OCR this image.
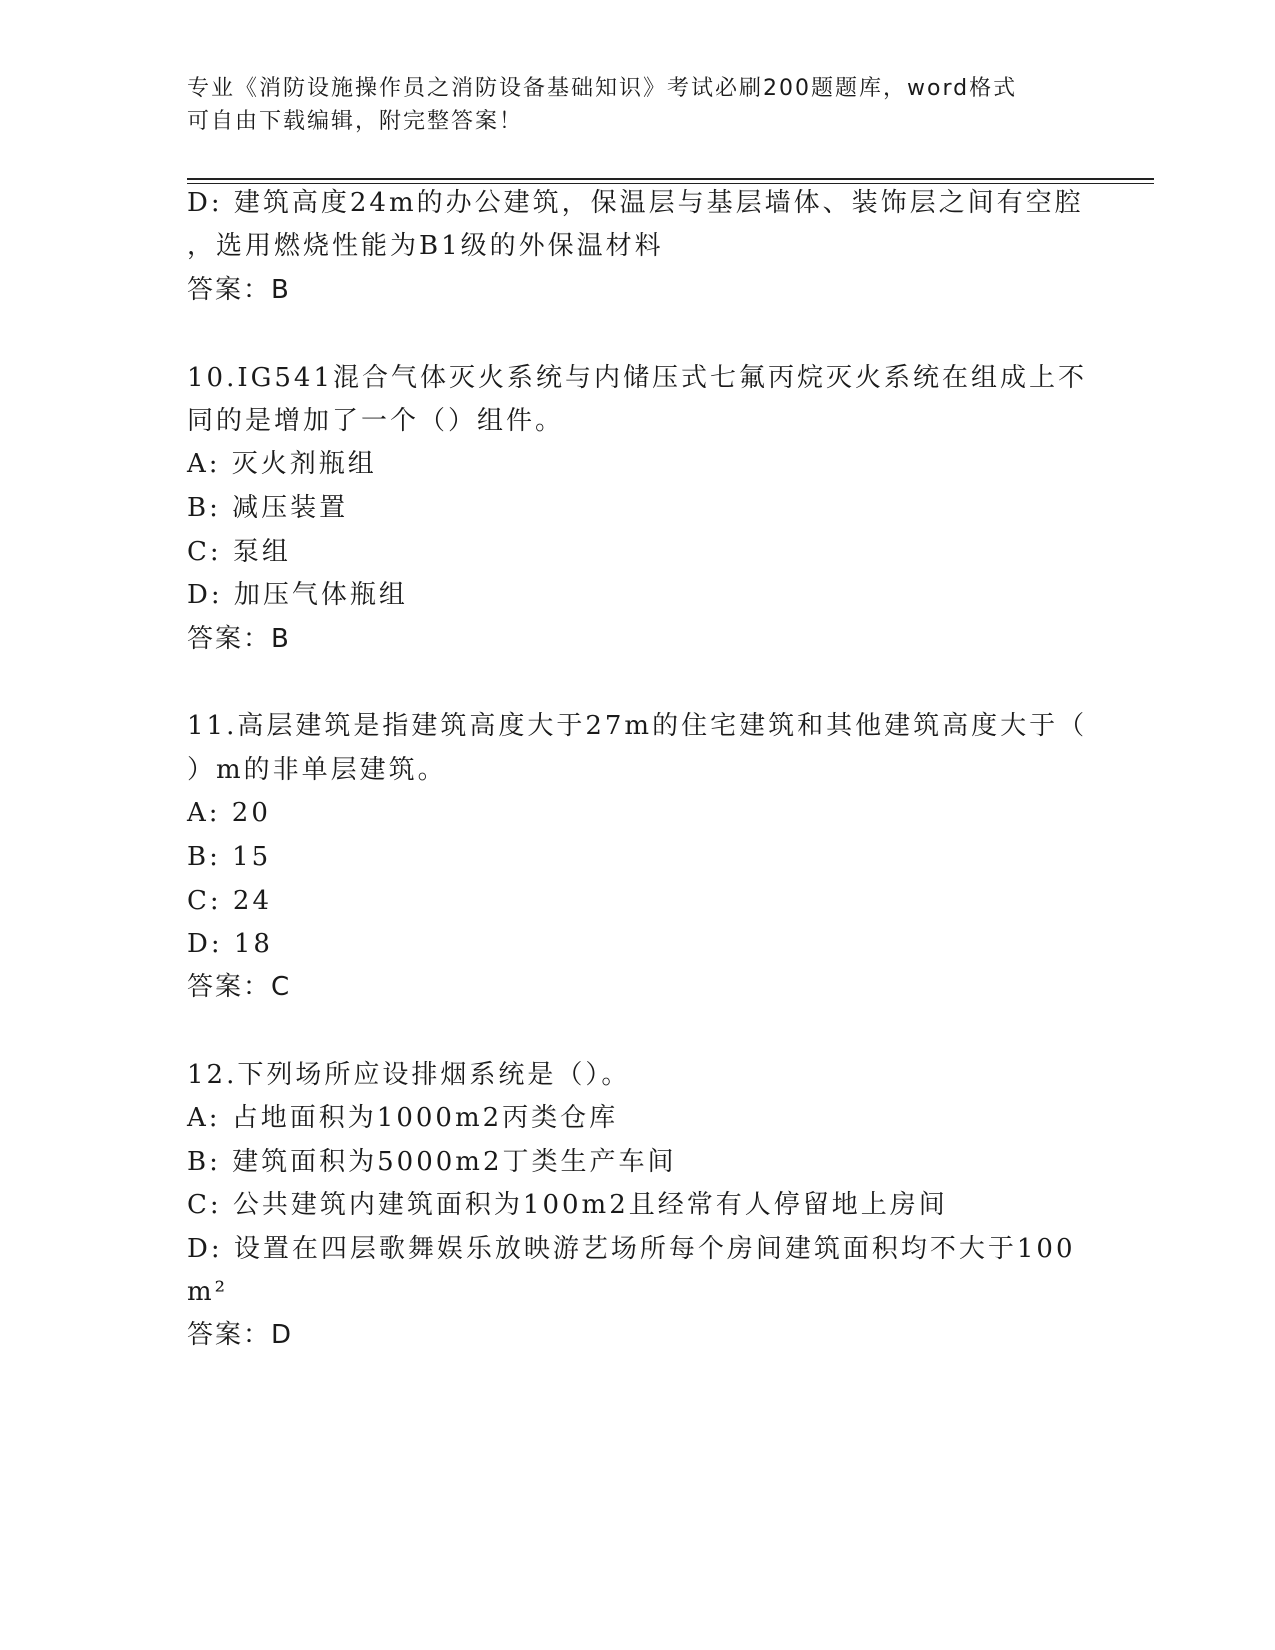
专业《消防设施操作员之消防设备基础知识》考试必刷200题题库，word格式可自由下载编辑，附完整答案！
D: 建筑高度24m的办公建筑，保温层与基层墙体、装饰层之间有空腔
，选用燃烧性能为B1级的外保温材料
答案：B
10.IG541混合气体灭火系统与内储压式七氟丙烷灭火系统在组成上不
同的是增加了一个（）组件。
A: 灭火剂瓶组
B: 减压装置
C: 泵组
D: 加压气体瓶组
答案：B
11.高层建筑是指建筑高度大于27m的住宅建筑和其他建筑高度大于（
）m的非单层建筑。
A: 20
B: 15
C: 24
D: 18
答案：C
12.下列场所应设排烟系统是（）。
A: 占地面积为1000m2丙类仓库
B: 建筑面积为5000m2丁类生产车间
C: 公共建筑内建筑面积为100m2且经常有人停留地上房间
D: 设置在四层歌舞娱乐放映游艺场所每个房间建筑面积均不大于100
m²
答案：D
